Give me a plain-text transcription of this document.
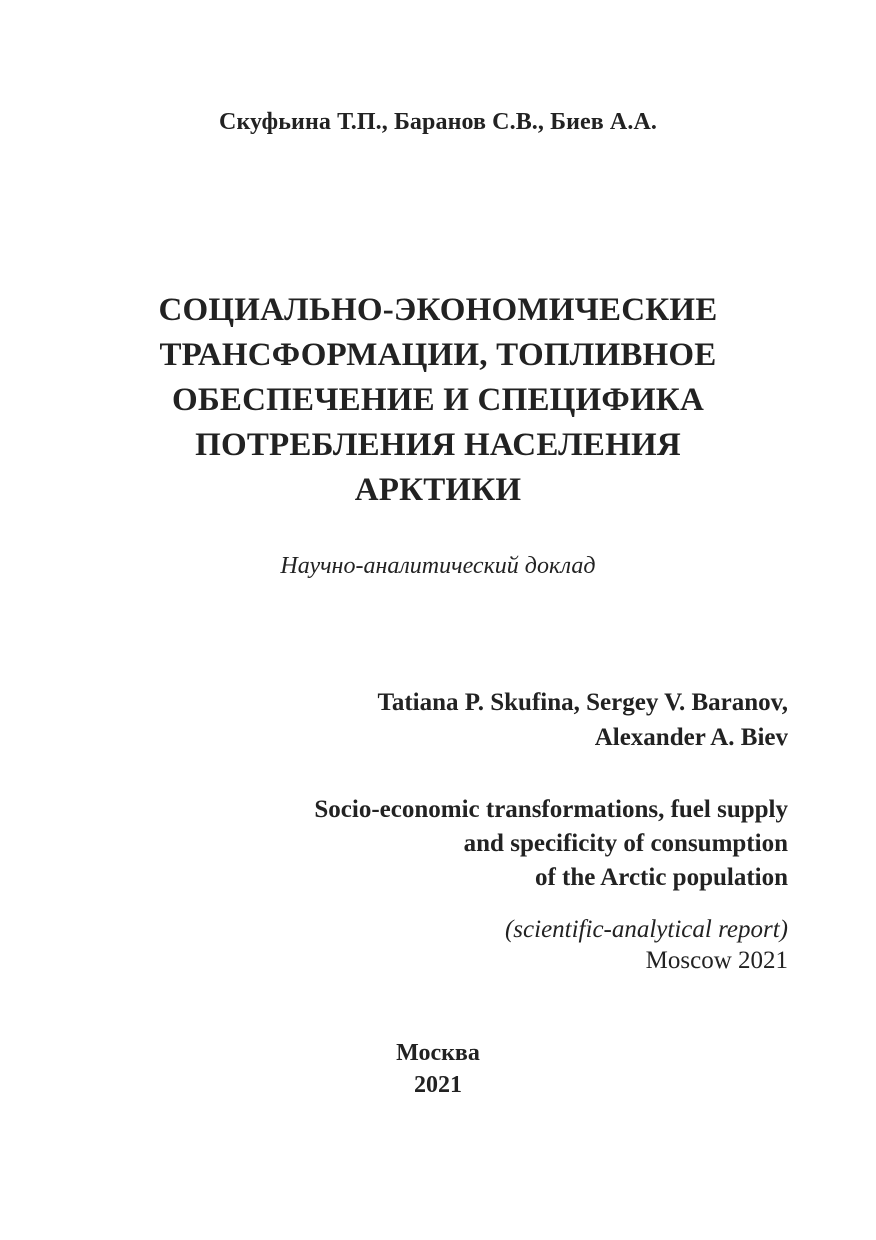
Скуфьина Т.П., Баранов С.В., Биев А.А.
СОЦИАЛЬНО-ЭКОНОМИЧЕСКИЕ
ТРАНСФОРМАЦИИ, ТОПЛИВНОЕ
ОБЕСПЕЧЕНИЕ И СПЕЦИФИКА
ПОТРЕБЛЕНИЯ НАСЕЛЕНИЯ
АРКТИКИ
Научно-аналитический доклад
Tatiana P. Skufina, Sergey V. Baranov,
Alexander A. Biev
Socio-economic transformations, fuel supply
and specificity of consumption
of the Arctic population
(scientific-analytical report)
Moscow 2021
Москва
2021
